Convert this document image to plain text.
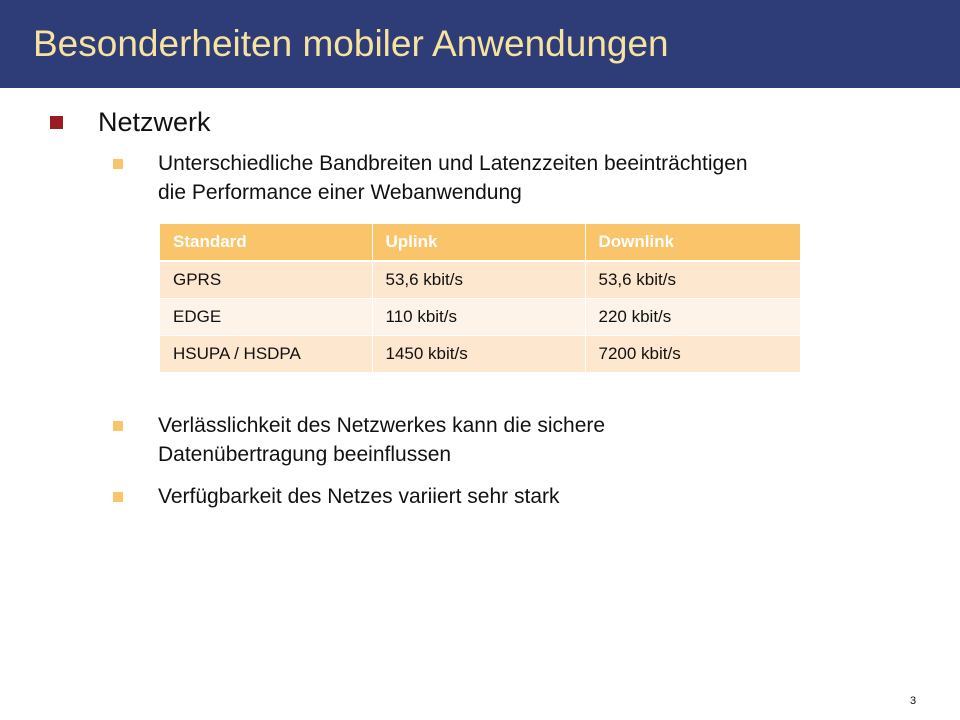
Besonderheiten mobiler Anwendungen
Netzwerk
Unterschiedliche Bandbreiten und Latenzzeiten beeinträchtigen
die Performance einer Webanwendung
Standard	Uplink	Downlink
GPRS	53,6 kbit/s	53,6 kbit/s
EDGE	110 kbit/s	220 kbit/s
HSUPA / HSDPA	1450 kbit/s	7200 kbit/s
Verlässlichkeit des Netzwerkes kann die sichere
Datenübertragung beeinflussen
Verfügbarkeit des Netzes variiert sehr stark
3
